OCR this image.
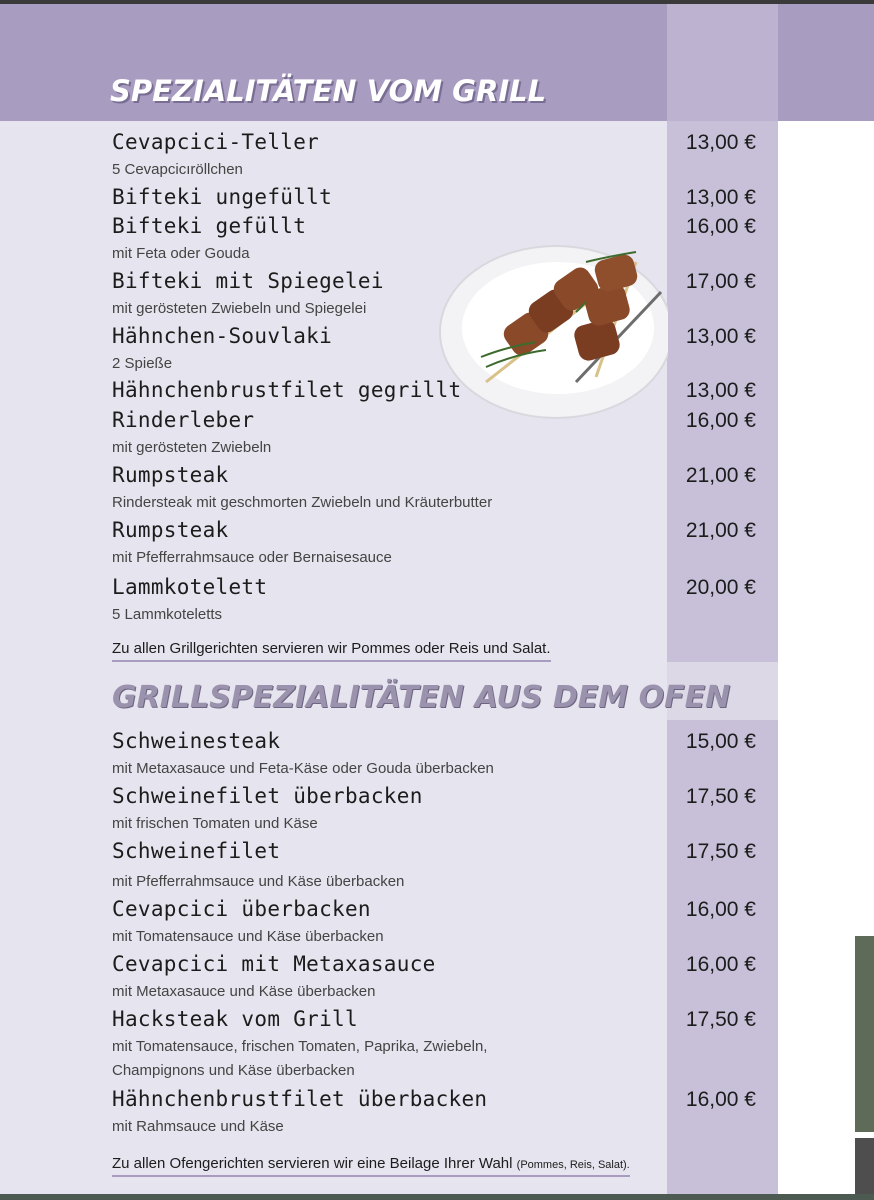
SPEZIALITÄTEN VOM GRILL
Cevapcici-Teller
5 Cevapcicıröllchen
13,00 €
Bifteki ungefüllt	13,00 €
Bifteki gefüllt
mit Feta oder Gouda
16,00 €
Bifteki mit Spiegelei
mit gerösteten Zwiebeln und Spiegelei
17,00 €
Hähnchen-Souvlaki
2 Spieße
13,00 €
Hähnchenbrustfilet gegrillt	13,00 €
Rinderleber
mit gerösteten Zwiebeln
16,00 €
Rumpsteak
Rindersteak mit geschmorten Zwiebeln und Kräuterbutter
21,00 €
Rumpsteak
mit Pfefferrahmsauce oder Bernaisesauce
21,00 €
Lammkotelett
5 Lammkoteletts
20,00 €
Zu allen Grillgerichten servieren wir Pommes oder Reis und Salat.
GRILLSPEZIALITÄTEN AUS DEM OFEN
Schweinesteak
mit Metaxasauce und Feta-Käse oder Gouda überbacken
15,00 €
Schweinefilet überbacken
mit frischen Tomaten und Käse
17,50 €
Schweinefilet
mit Pfefferrahmsauce und Käse überbacken
17,50 €
Cevapcici überbacken
mit Tomatensauce und Käse überbacken
16,00 €
Cevapcici mit Metaxasauce
mit Metaxasauce und Käse überbacken
16,00 €
Hacksteak vom Grill
mit Tomatensauce, frischen Tomaten, Paprika, Zwiebeln,
Champignons und Käse überbacken
17,50 €
Hähnchenbrustfilet überbacken
mit Rahmsauce und Käse
16,00 €
Zu allen Ofengerichten servieren wir eine Beilage Ihrer Wahl (Pommes, Reis, Salat).
